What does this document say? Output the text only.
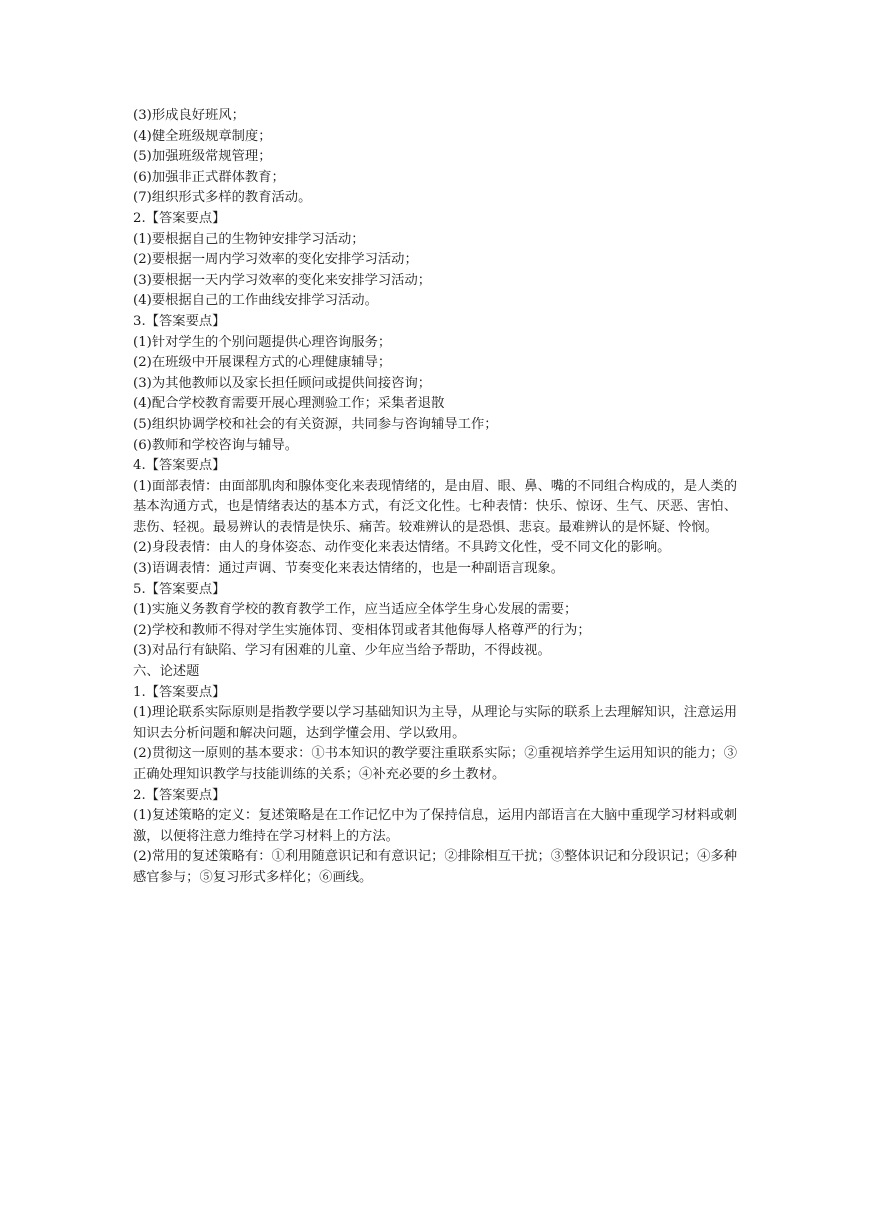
(3)形成良好班风；

(4)健全班级规章制度；

(5)加强班级常规管理；

(6)加强非正式群体教育；

(7)组织形式多样的教育活动。

2.【答案要点】

(1)要根据自己的生物钟安排学习活动；

(2)要根据一周内学习效率的变化安排学习活动；

(3)要根据一天内学习效率的变化来安排学习活动；

(4)要根据自己的工作曲线安排学习活动。

3.【答案要点】

(1)针对学生的个别问题提供心理咨询服务；

(2)在班级中开展课程方式的心理健康辅导；

(3)为其他教师以及家长担任顾问或提供间接咨询；

(4)配合学校教育需要开展心理测验工作；采集者退散

(5)组织协调学校和社会的有关资源，共同参与咨询辅导工作；

(6)教师和学校咨询与辅导。

4.【答案要点】

(1)面部表情：由面部肌肉和腺体变化来表现情绪的，是由眉、眼、鼻、嘴的不同组合构成的，是人类的基本沟通方式，也是情绪表达的基本方式，有泛文化性。七种表情：快乐、惊讶、生气、厌恶、害怕、悲伤、轻视。最易辨认的表情是快乐、痛苦。较难辨认的是恐惧、悲哀。最难辨认的是怀疑、怜悯。

(2)身段表情：由人的身体姿态、动作变化来表达情绪。不具跨文化性，受不同文化的影响。

(3)语调表情：通过声调、节奏变化来表达情绪的，也是一种副语言现象。

5.【答案要点】

(1)实施义务教育学校的教育教学工作，应当适应全体学生身心发展的需要；

(2)学校和教师不得对学生实施体罚、变相体罚或者其他侮辱人格尊严的行为；

(3)对品行有缺陷、学习有困难的儿童、少年应当给予帮助，不得歧视。

六、论述题

1.【答案要点】

(1)理论联系实际原则是指教学要以学习基础知识为主导，从理论与实际的联系上去理解知识，注意运用知识去分析问题和解决问题，达到学懂会用、学以致用。

(2)贯彻这一原则的基本要求：①书本知识的教学要注重联系实际；②重视培养学生运用知识的能力；③正确处理知识教学与技能训练的关系；④补充必要的乡土教材。

2.【答案要点】

(1)复述策略的定义：复述策略是在工作记忆中为了保持信息，运用内部语言在大脑中重现学习材料或刺激，以便将注意力维持在学习材料上的方法。

(2)常用的复述策略有：①利用随意识记和有意识记；②排除相互干扰；③整体识记和分段识记；④多种感官参与；⑤复习形式多样化；⑥画线。
